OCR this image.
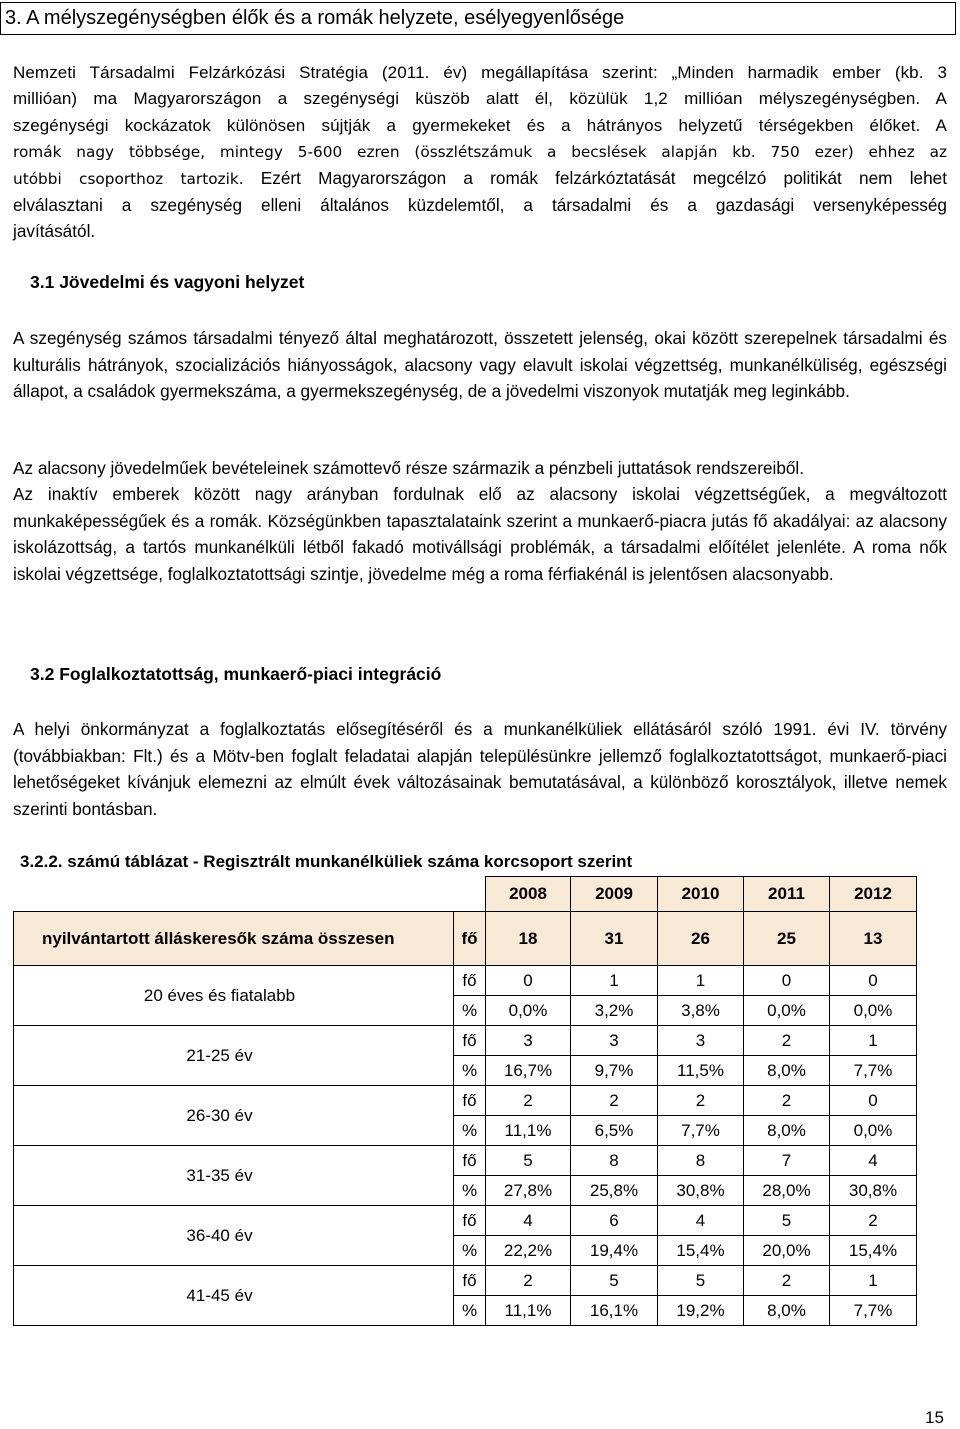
3. A mélyszegénységben élők és a romák helyzete, esélyegyenlősége
Nemzeti Társadalmi Felzárkózási Stratégia (2011. év) megállapítása szerint: „Minden harmadik ember (kb. 3
millióan) ma Magyarországon a szegénységi küszöb alatt él, közülük 1,2 millióan mélyszegénységben. A
szegénységi kockázatok különösen sújtják a gyermekeket és a hátrányos helyzetű térségekben élőket. A
romák nagy többsége, mintegy 5-600 ezren (összlétszámuk a becslések alapján kb. 750 ezer) ehhez az
utóbbi csoporthoz tartozik. Ezért Magyarországon a romák felzárkóztatását megcélzó politikát nem lehet
elválasztani a szegénység elleni általános küzdelemtől, a társadalmi és a gazdasági versenyképesség
javításától.
3.1 Jövedelmi és vagyoni helyzet
A szegénység számos társadalmi tényező által meghatározott, összetett jelenség, okai között szerepelnek társadalmi és kulturális hátrányok, szocializációs hiányosságok, alacsony vagy elavult iskolai végzettség, munkanélküliség, egészségi állapot, a családok gyermekszáma, a gyermekszegénység, de a jövedelmi viszonyok mutatják meg leginkább.
Az alacsony jövedelműek bevételeinek számottevő része származik a pénzbeli juttatások rendszereiből.
Az inaktív emberek között nagy arányban fordulnak elő az alacsony iskolai végzettségűek, a megváltozott munkaképességűek és a romák. Községünkben tapasztalataink szerint a munkaerő-piacra jutás fő akadályai: az alacsony iskolázottság, a tartós munkanélküli létből fakadó motivállsági problémák, a társadalmi előítélet jelenléte. A roma nők iskolai végzettsége, foglalkoztatottsági szintje, jövedelme még a roma férfiakénál is jelentősen alacsonyabb.
3.2 Foglalkoztatottság, munkaerő-piaci integráció
A helyi önkormányzat a foglalkoztatás elősegítéséről és a munkanélküliek ellátásáról szóló 1991. évi IV. törvény (továbbiakban: Flt.) és a Mötv-ben foglalt feladatai alapján településünkre jellemző foglalkoztatottságot, munkaerő-piaci lehetőségeket kívánjuk elemezni az elmúlt évek változásainak bemutatásával, a különböző korosztályok, illetve nemek szerinti bontásban.
3.2.2. számú táblázat - Regisztrált munkanélküliek száma korcsoport szerint
		2008	2009	2010	2011	2012
nyilvántartott álláskeresők száma összesen	fő	18	31	26	25	13
20 éves és fiatalabb	fő	0	1	1	0	0
	%	0,0%	3,2%	3,8%	0,0%	0,0%
21-25 év	fő	3	3	3	2	1
	%	16,7%	9,7%	11,5%	8,0%	7,7%
26-30 év	fő	2	2	2	2	0
	%	11,1%	6,5%	7,7%	8,0%	0,0%
31-35 év	fő	5	8	8	7	4
	%	27,8%	25,8%	30,8%	28,0%	30,8%
36-40 év	fő	4	6	4	5	2
	%	22,2%	19,4%	15,4%	20,0%	15,4%
41-45 év	fő	2	5	5	2	1
	%	11,1%	16,1%	19,2%	8,0%	7,7%
15
